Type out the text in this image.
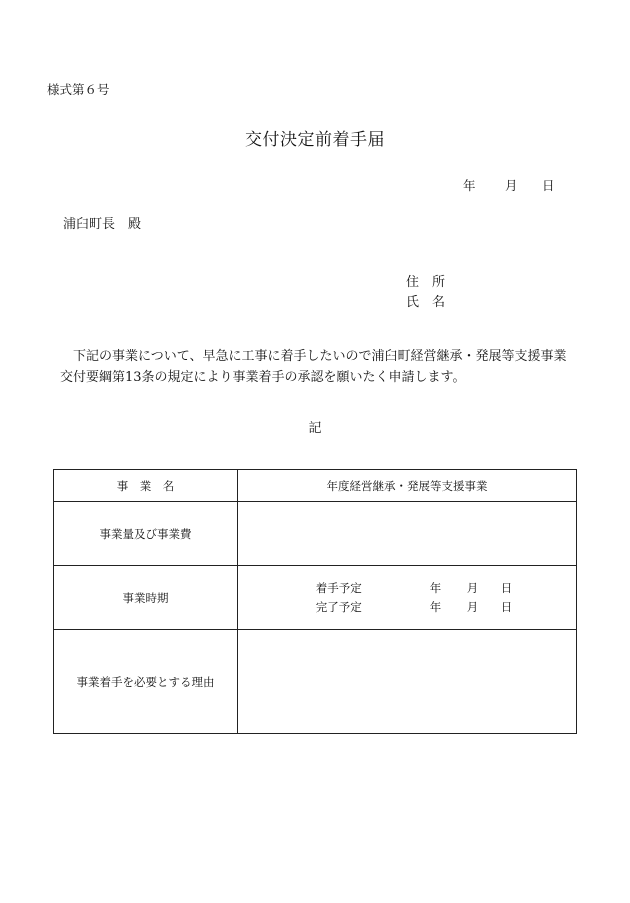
様式第６号
交付決定前着手届
年 月 日
浦臼町長　殿
住　所
氏　名
下記の事業について、早急に工事に着手したいので浦臼町経営継承・発展等支援事業
交付要綱第13条の規定により事業着手の承認を願いたく申請します。
記
事　業　名	年度経営継承・発展等支援事業
事業量及び事業費	
事業時期	着手予定 年 月 日
完了予定 年 月 日

事業着手を必要とする理由	
